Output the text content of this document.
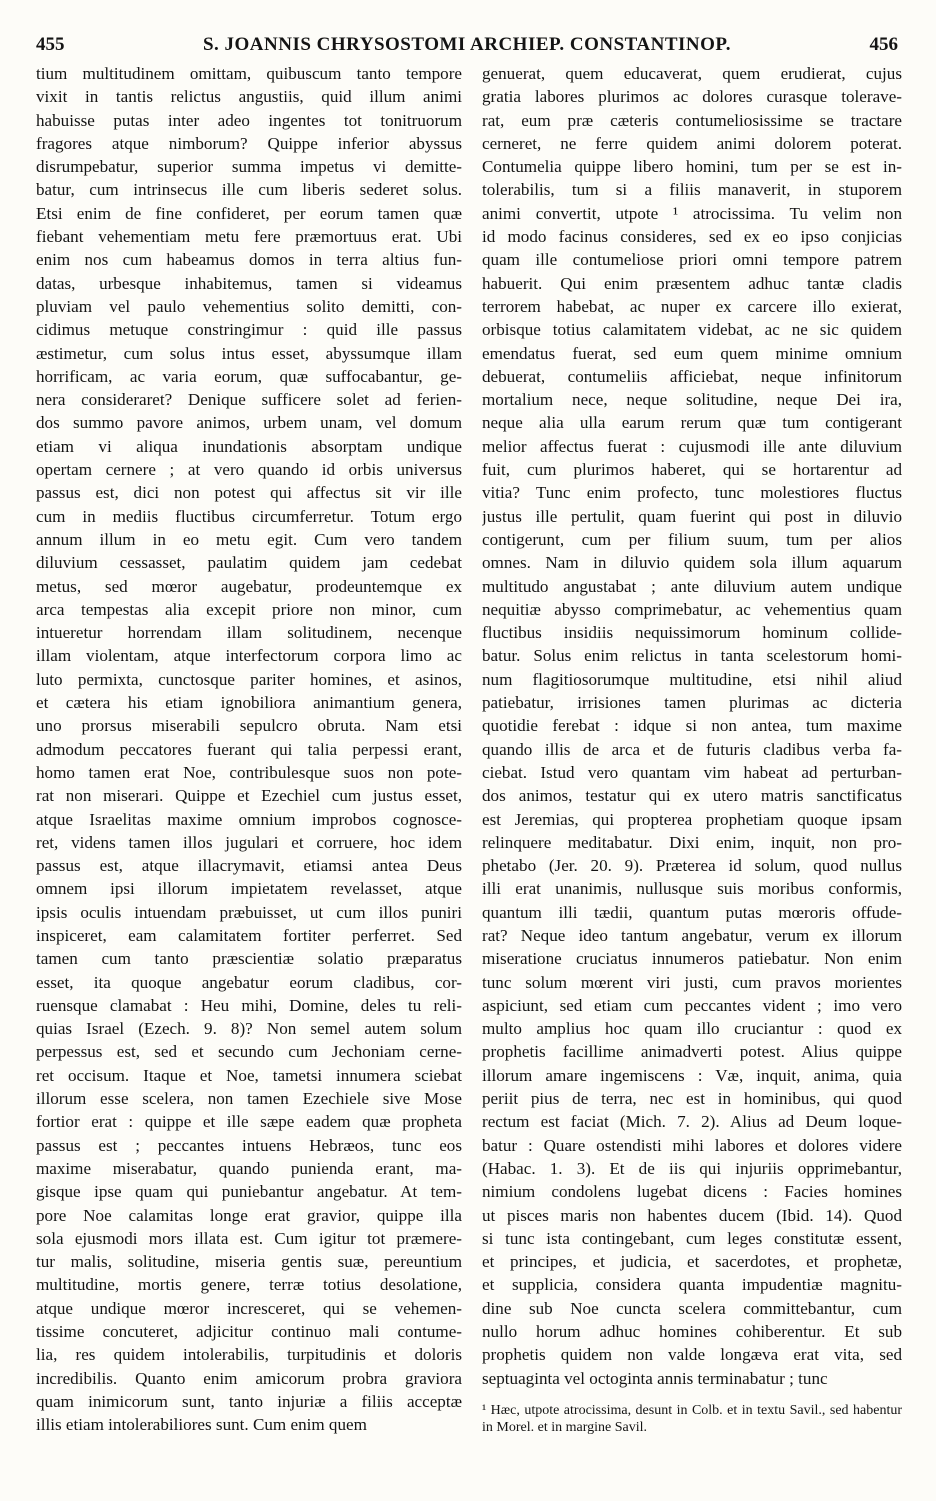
455	S. JOANNIS CHRYSOSTOMI ARCHIEP. CONSTANTINOP.	456
tium multitudinem omittam, quibuscum tanto tempore
vixit in tantis relictus angustiis, quid illum animi
habuisse putas inter adeo ingentes tot tonitruorum
fragores atque nimborum? Quippe inferior abyssus
disrumpebatur, superior summa impetus vi demitte-
batur, cum intrinsecus ille cum liberis sederet solus.
Etsi enim de fine confideret, per eorum tamen quæ
fiebant vehementiam metu fere præmortuus erat. Ubi
enim nos cum habeamus domos in terra altius fun-
datas, urbesque inhabitemus, tamen si videamus
pluviam vel paulo vehementius solito demitti, con-
cidimus metuque constringimur : quid ille passus
æstimetur, cum solus intus esset, abyssumque illam
horrificam, ac varia eorum, quæ suffocabantur, ge-
nera consideraret? Denique sufficere solet ad ferien-
dos summo pavore animos, urbem unam, vel domum
etiam vi aliqua inundationis absorptam undique
opertam cernere ; at vero quando id orbis universus
passus est, dici non potest qui affectus sit vir ille
cum in mediis fluctibus circumferretur. Totum ergo
annum illum in eo metu egit. Cum vero tandem
diluvium cessasset, paulatim quidem jam cedebat
metus, sed mœror augebatur, prodeuntemque ex
arca tempestas alia excepit priore non minor, cum
intueretur horrendam illam solitudinem, necenque
illam violentam, atque interfectorum corpora limo ac
luto permixta, cunctosque pariter homines, et asinos,
et cætera his etiam ignobiliora animantium genera,
uno prorsus miserabili sepulcro obruta. Nam etsi
admodum peccatores fuerant qui talia perpessi erant,
homo tamen erat Noe, contribulesque suos non pote-
rat non miserari. Quippe et Ezechiel cum justus esset,
atque Israelitas maxime omnium improbos cognosce-
ret, videns tamen illos jugulari et corruere, hoc idem
passus est, atque illacrymavit, etiamsi antea Deus
omnem ipsi illorum impietatem revelasset, atque
ipsis oculis intuendam præbuisset, ut cum illos puniri
inspiceret, eam calamitatem fortiter perferret. Sed
tamen cum tanto præscientiæ solatio præparatus
esset, ita quoque angebatur eorum cladibus, cor-
ruensque clamabat : Heu mihi, Domine, deles tu reli-
quias Israel (Ezech. 9. 8)? Non semel autem solum
perpessus est, sed et secundo cum Jechoniam cerne-
ret occisum. Itaque et Noe, tametsi innumera sciebat
illorum esse scelera, non tamen Ezechiele sive Mose
fortior erat : quippe et ille sæpe eadem quæ propheta
passus est ; peccantes intuens Hebræos, tunc eos
maxime miserabatur, quando punienda erant, ma-
gisque ipse quam qui puniebantur angebatur. At tem-
pore Noe calamitas longe erat gravior, quippe illa
sola ejusmodi mors illata est. Cum igitur tot præmere-
tur malis, solitudine, miseria gentis suæ, pereuntium
multitudine, mortis genere, terræ totius desolatione,
atque undique mœror incresceret, qui se vehemen-
tissime concuteret, adjicitur continuo mali contume-
lia, res quidem intolerabilis, turpitudinis et doloris
incredibilis. Quanto enim amicorum probra graviora
quam inimicorum sunt, tanto injuriæ a filiis acceptæ
illis etiam intolerabiliores sunt. Cum enim quem
genuerat, quem educaverat, quem erudierat, cujus
gratia labores plurimos ac dolores curasque tolerave-
rat, eum præ cæteris contumeliosissime se tractare
cerneret, ne ferre quidem animi dolorem poterat.
Contumelia quippe libero homini, tum per se est in-
tolerabilis, tum si a filiis manaverit, in stuporem
animi convertit, utpote ¹ atrocissima. Tu velim non
id modo facinus consideres, sed ex eo ipso conjicias
quam ille contumeliose priori omni tempore patrem
habuerit. Qui enim præsentem adhuc tantæ cladis
terrorem habebat, ac nuper ex carcere illo exierat,
orbisque totius calamitatem videbat, ac ne sic quidem
emendatus fuerat, sed eum quem minime omnium
debuerat, contumeliis afficiebat, neque infinitorum
mortalium nece, neque solitudine, neque Dei ira,
neque alia ulla earum rerum quæ tum contigerant
melior affectus fuerat : cujusmodi ille ante diluvium
fuit, cum plurimos haberet, qui se hortarentur ad
vitia? Tunc enim profecto, tunc molestiores fluctus
justus ille pertulit, quam fuerint qui post in diluvio
contigerunt, cum per filium suum, tum per alios
omnes. Nam in diluvio quidem sola illum aquarum
multitudo angustabat ; ante diluvium autem undique
nequitiæ abysso comprimebatur, ac vehementius quam
fluctibus insidiis nequissimorum hominum collide-
batur. Solus enim relictus in tanta scelestorum homi-
num flagitiosorumque multitudine, etsi nihil aliud
patiebatur, irrisiones tamen plurimas ac dicteria
quotidie ferebat : idque si non antea, tum maxime
quando illis de arca et de futuris cladibus verba fa-
ciebat. Istud vero quantam vim habeat ad perturban-
dos animos, testatur qui ex utero matris sanctificatus
est Jeremias, qui propterea prophetiam quoque ipsam
relinquere meditabatur. Dixi enim, inquit, non pro-
phetabo (Jer. 20. 9). Præterea id solum, quod nullus
illi erat unanimis, nullusque suis moribus conformis,
quantum illi tædii, quantum putas mœroris offude-
rat? Neque ideo tantum angebatur, verum ex illorum
miseratione cruciatus innumeros patiebatur. Non enim
tunc solum mœrent viri justi, cum pravos morientes
aspiciunt, sed etiam cum peccantes vident ; imo vero
multo amplius hoc quam illo cruciantur : quod ex
prophetis facillime animadverti potest. Alius quippe
illorum amare ingemiscens : Væ, inquit, anima, quia
periit pius de terra, nec est in hominibus, qui quod
rectum est faciat (Mich. 7. 2). Alius ad Deum loque-
batur : Quare ostendisti mihi labores et dolores videre
(Habac. 1. 3). Et de iis qui injuriis opprimebantur,
nimium condolens lugebat dicens : Facies homines
ut pisces maris non habentes ducem (Ibid. 14). Quod
si tunc ista contingebant, cum leges constitutæ essent,
et principes, et judicia, et sacerdotes, et prophetæ,
et supplicia, considera quanta impudentiæ magnitu-
dine sub Noe cuncta scelera committebantur, cum
nullo horum adhuc homines cohiberentur. Et sub
prophetis quidem non valde longæva erat vita, sed
septuaginta vel octoginta annis terminabatur ; tunc
¹ Hæc, utpote atrocissima, desunt in Colb. et in textu Savil., sed habentur in Morel. et in margine Savil.
